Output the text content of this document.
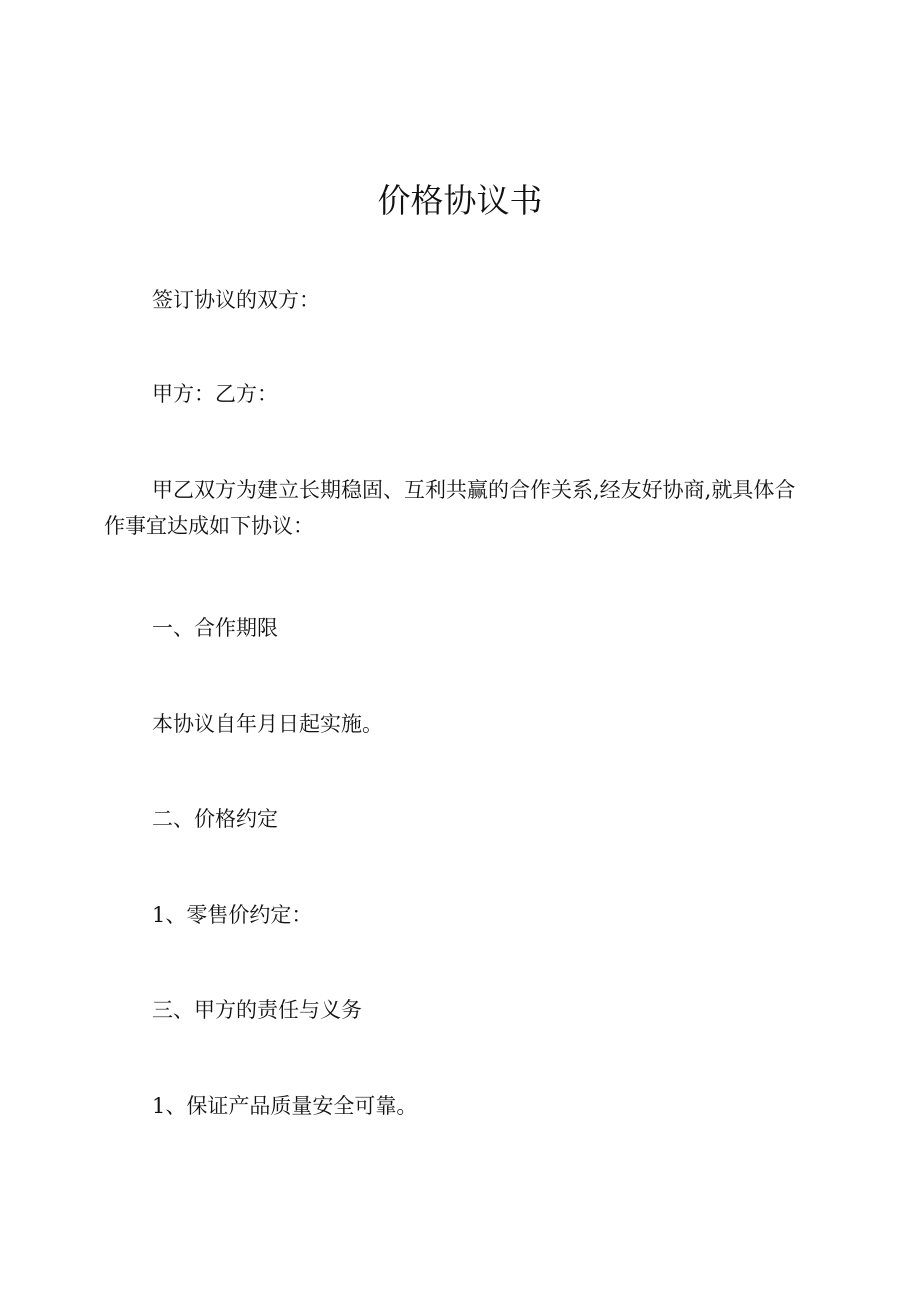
价格协议书

签订协议的双方：

甲方：乙方：

甲乙双方为建立长期稳固、互利共赢的合作关系,经友好协商,就具体合作事宜达成如下协议：

一、合作期限

本协议自年月日起实施。

二、价格约定

1、零售价约定：

三、甲方的责任与义务

1、保证产品质量安全可靠。
